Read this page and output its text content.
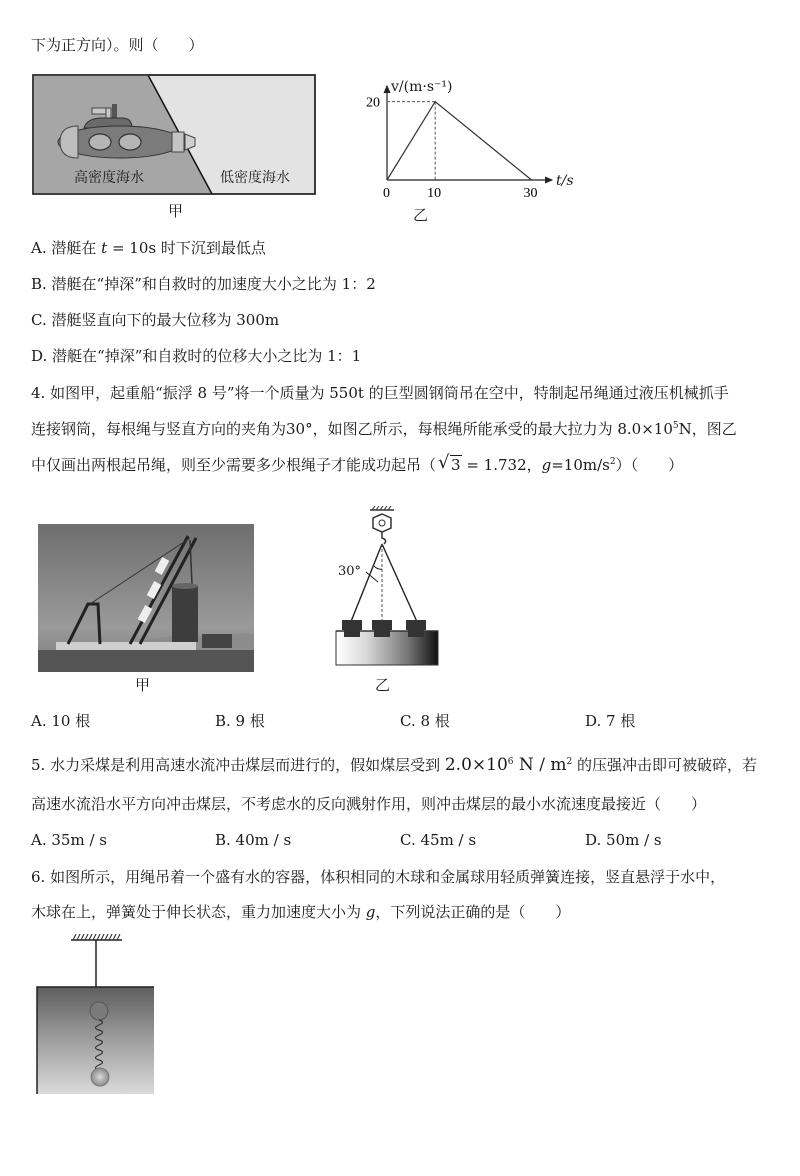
下为正方向）。则（　　）
高密度海水	低密度海水
甲
0	10	30
20
v/(m·s⁻¹)
t/s
乙
A. 潜艇在 t = 10s 时下沉到最低点
B. 潜艇在“掉深”和自救时的加速度大小之比为 1：2
C. 潜艇竖直向下的最大位移为 300m
D. 潜艇在“掉深”和自救时的位移大小之比为 1：1
4. 如图甲，起重船“振浮 8 号”将一个质量为 550t 的巨型圆钢筒吊在空中，特制起吊绳通过液压机械抓手
连接钢筒，每根绳与竖直方向的夹角为30°，如图乙所示，每根绳所能承受的最大拉力为 $8.0\times 10^5N$，图乙
中仅画出两根起吊绳，则至少需要多少根绳子才能成功起吊（ √ 3 = 1.732，$g=10m/s^2$）（　　）
甲
30°
乙
A. 10 根	B. 9 根	C. 8 根	D. 7 根
5. 水力采煤是利用高速水流冲击煤层而进行的，假如煤层受到 $2.0\times 10^6$ N / $m^2$ 的压强冲击即可被破碎，若
高速水流沿水平方向冲击煤层，不考虑水的反向溅射作用，则冲击煤层的最小水流速度最接近（　　）
A. 35m / s	B. 40m / s	C. 45m / s	D. 50m / s
6. 如图所示，用绳吊着一个盛有水的容器，体积相同的木球和金属球用轻质弹簧连接，竖直悬浮于水中，
木球在上，弹簧处于伸长状态，重力加速度大小为 g，下列说法正确的是（　　）
